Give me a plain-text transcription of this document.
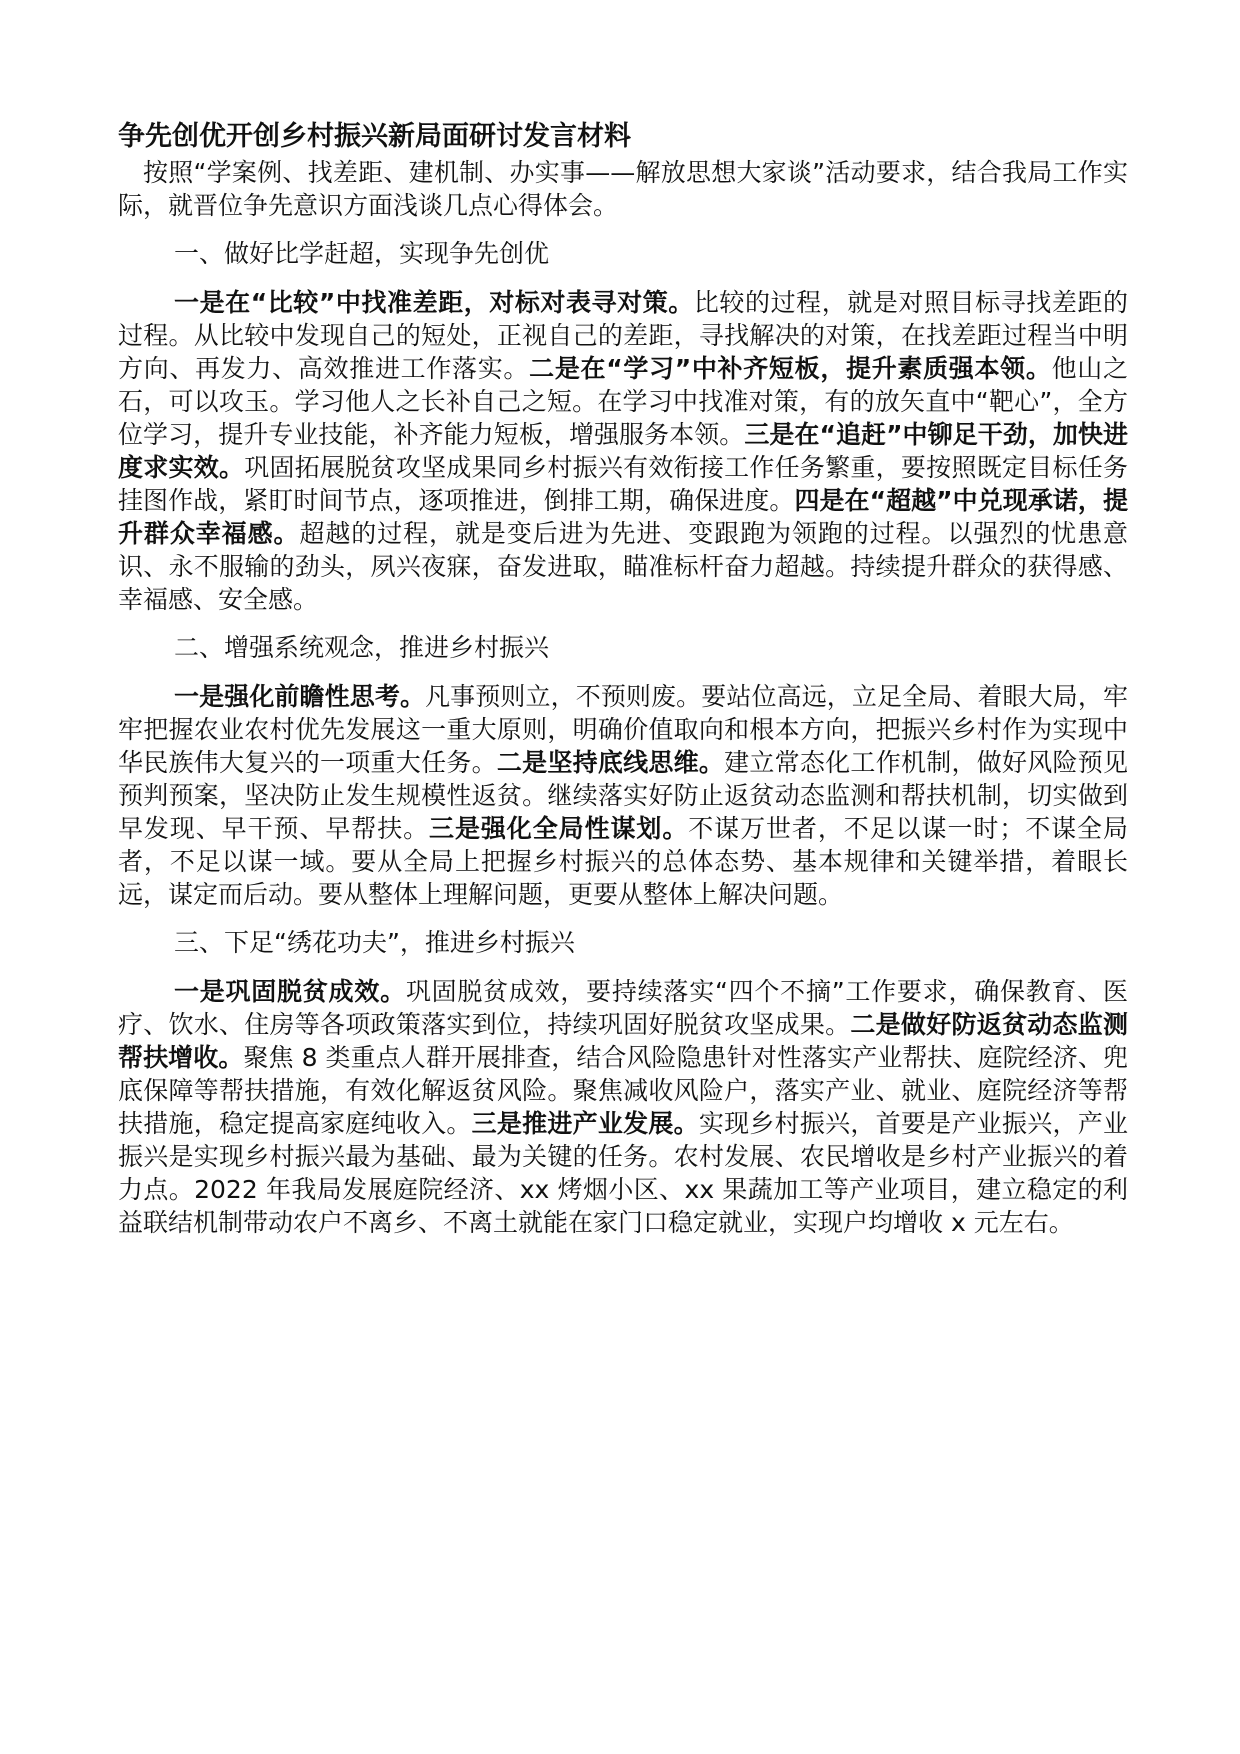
争先创优开创乡村振兴新局面研讨发言材料

按照“学案例、找差距、建机制、办实事——解放思想大家谈”活动要求，结合我局工作实际，就晋位争先意识方面浅谈几点心得体会。

一、做好比学赶超，实现争先创优

一是在“比较”中找准差距，对标对表寻对策。比较的过程，就是对照目标寻找差距的过程。从比较中发现自己的短处，正视自己的差距，寻找解决的对策，在找差距过程当中明方向、再发力、高效推进工作落实。二是在“学习”中补齐短板，提升素质强本领。他山之石，可以攻玉。学习他人之长补自己之短。在学习中找准对策，有的放矢直中“靶心”，全方位学习，提升专业技能，补齐能力短板，增强服务本领。三是在“追赶”中铆足干劲，加快进度求实效。巩固拓展脱贫攻坚成果同乡村振兴有效衔接工作任务繁重，要按照既定目标任务挂图作战，紧盯时间节点，逐项推进，倒排工期，确保进度。四是在“超越”中兑现承诺，提升群众幸福感。超越的过程，就是变后进为先进、变跟跑为领跑的过程。以强烈的忧患意识、永不服输的劲头，夙兴夜寐，奋发进取，瞄准标杆奋力超越。持续提升群众的获得感、幸福感、安全感。

二、增强系统观念，推进乡村振兴

一是强化前瞻性思考。凡事预则立，不预则废。要站位高远，立足全局、着眼大局，牢牢把握农业农村优先发展这一重大原则，明确价值取向和根本方向，把振兴乡村作为实现中华民族伟大复兴的一项重大任务。二是坚持底线思维。建立常态化工作机制，做好风险预见预判预案，坚决防止发生规模性返贫。继续落实好防止返贫动态监测和帮扶机制，切实做到早发现、早干预、早帮扶。三是强化全局性谋划。不谋万世者，不足以谋一时；不谋全局者，不足以谋一域。要从全局上把握乡村振兴的总体态势、基本规律和关键举措，着眼长远，谋定而后动。要从整体上理解问题，更要从整体上解决问题。

三、下足“绣花功夫”，推进乡村振兴

一是巩固脱贫成效。巩固脱贫成效，要持续落实“四个不摘”工作要求，确保教育、医疗、饮水、住房等各项政策落实到位，持续巩固好脱贫攻坚成果。二是做好防返贫动态监测帮扶增收。聚焦 8 类重点人群开展排查，结合风险隐患针对性落实产业帮扶、庭院经济、兜底保障等帮扶措施，有效化解返贫风险。聚焦减收风险户，落实产业、就业、庭院经济等帮扶措施，稳定提高家庭纯收入。三是推进产业发展。实现乡村振兴，首要是产业振兴，产业振兴是实现乡村振兴最为基础、最为关键的任务。农村发展、农民增收是乡村产业振兴的着力点。2022 年我局发展庭院经济、xx 烤烟小区、xx 果蔬加工等产业项目，建立稳定的利益联结机制带动农户不离乡、不离土就能在家门口稳定就业，实现户均增收 x 元左右。
